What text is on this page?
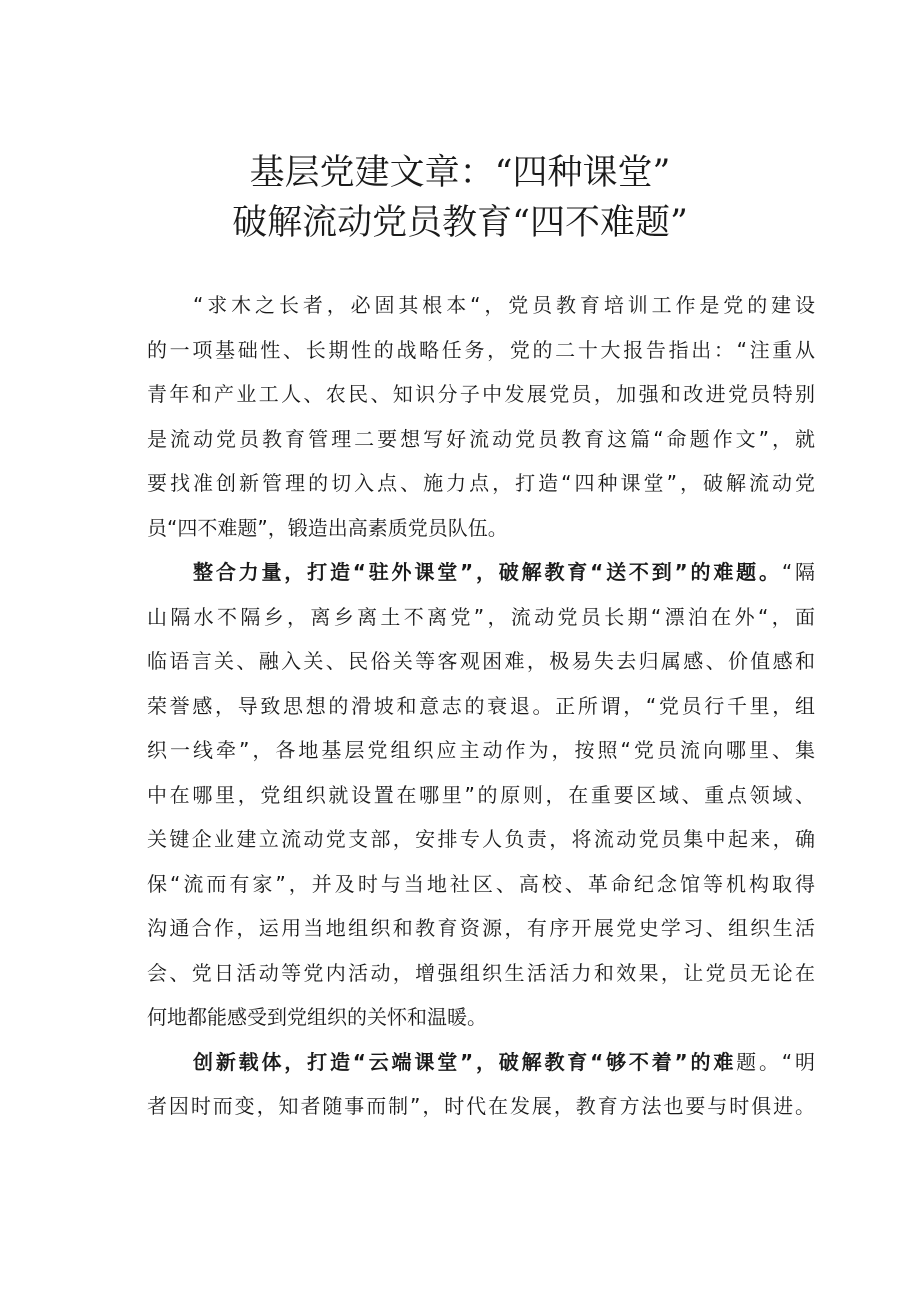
基层党建文章：“四种课堂”
破解流动党员教育“四不难题”
“求木之长者，必固其根本“，党员教育培训工作是党的建设
的一项基础性、长期性的战略任务，党的二十大报告指出：“注重从
青年和产业工人、农民、知识分子中发展党员，加强和改进党员特别
是流动党员教育管理二要想写好流动党员教育这篇“命题作文”，就
要找准创新管理的切入点、施力点，打造“四种课堂”，破解流动党
员“四不难题”，锻造出高素质党员队伍。
整合力量，打造“驻外课堂”，破解教育“送不到”的难题。“隔
山隔水不隔乡，离乡离土不离党”，流动党员长期“漂泊在外“，面
临语言关、融入关、民俗关等客观困难，极易失去归属感、价值感和
荣誉感，导致思想的滑坡和意志的衰退。正所谓，“党员行千里，组
织一线牵”，各地基层党组织应主动作为，按照“党员流向哪里、集
中在哪里，党组织就设置在哪里”的原则，在重要区域、重点领域、
关键企业建立流动党支部，安排专人负责，将流动党员集中起来，确
保“流而有家”，并及时与当地社区、高校、革命纪念馆等机构取得
沟通合作，运用当地组织和教育资源，有序开展党史学习、组织生活
会、党日活动等党内活动，增强组织生活活力和效果，让党员无论在
何地都能感受到党组织的关怀和温暖。
创新载体，打造“云端课堂”，破解教育“够不着”的难题。“明
者因时而变，知者随事而制”，时代在发展，教育方法也要与时俱进。
